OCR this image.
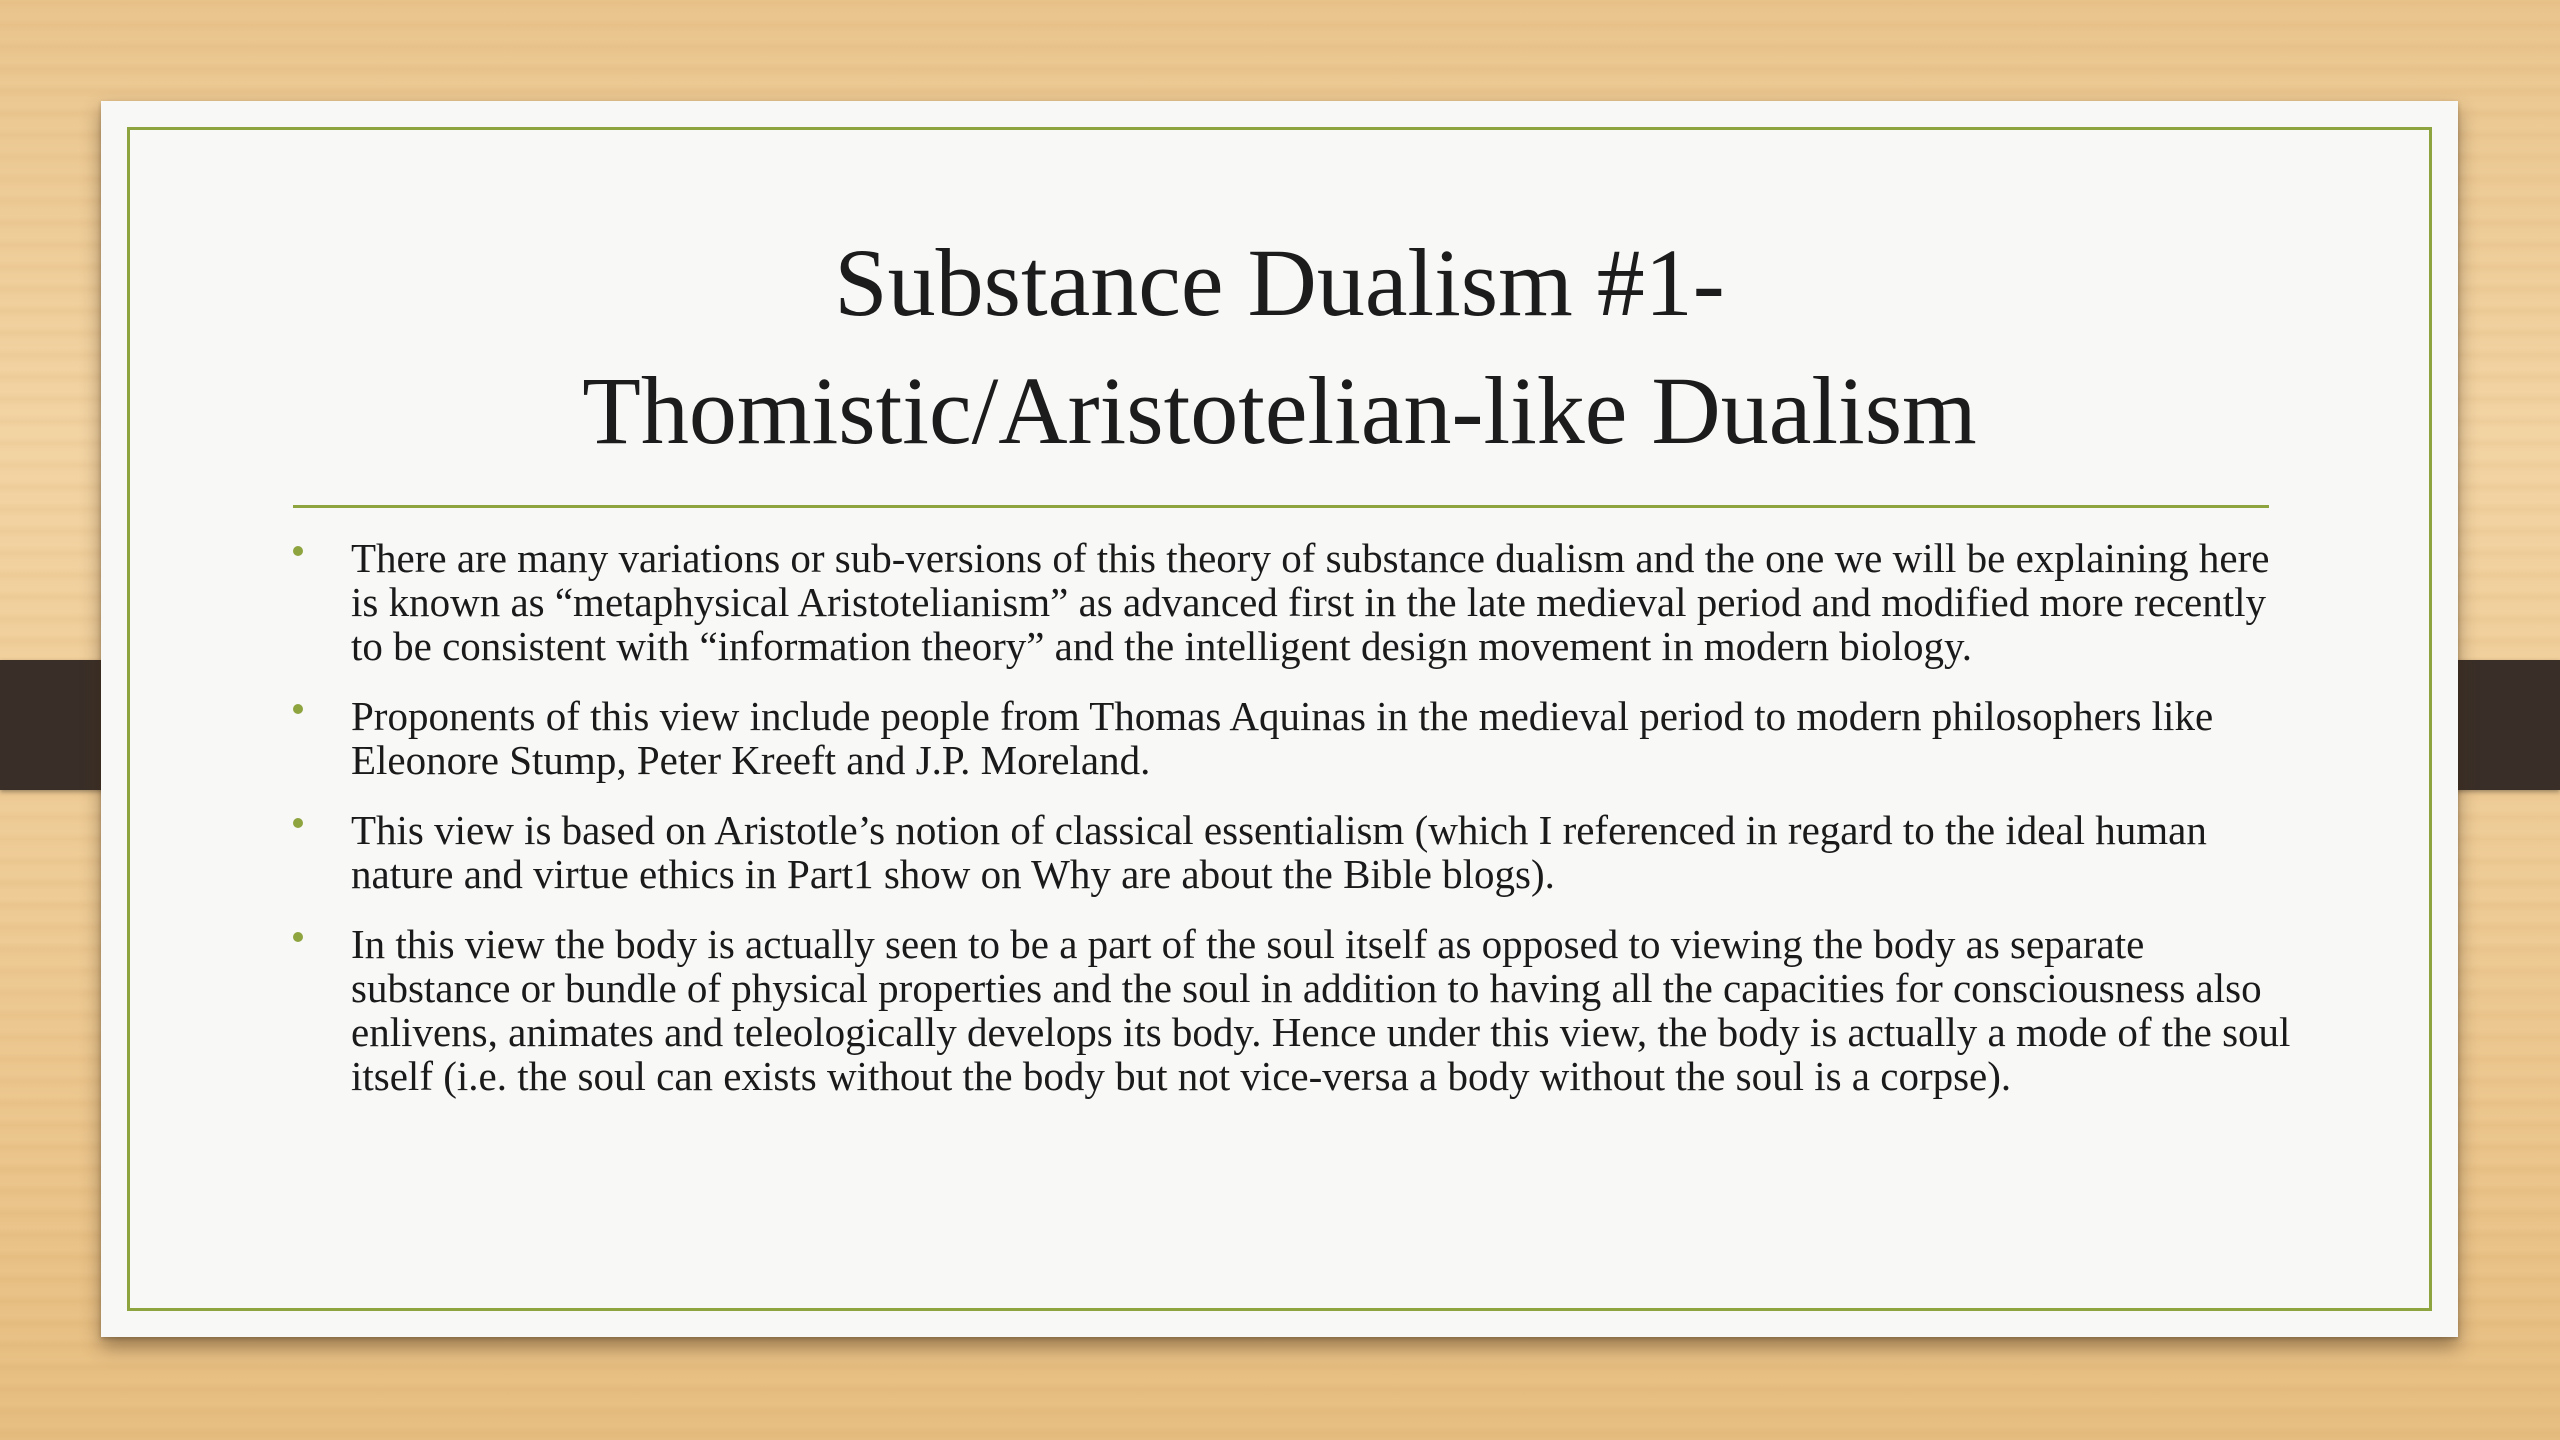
Substance Dualism #1-
Thomistic/Aristotelian-like Dualism
There are many variations or sub-versions of this theory of substance dualism and the one we will be explaining here is known as “metaphysical Aristotelianism” as advanced first in the late medieval period and modified more recently to be consistent with “information theory” and the intelligent design movement in modern biology.
Proponents of this view include people from Thomas Aquinas in the medieval period to modern philosophers like Eleonore Stump, Peter Kreeft and J.P. Moreland.
This view is based on Aristotle’s notion of classical essentialism (which I referenced in regard to the ideal human nature and virtue ethics in Part1 show on Why are about the Bible blogs).
In this view the body is actually seen to be a part of the soul itself as opposed to viewing the body as separate substance or bundle of physical properties and the soul in addition to having all the capacities for consciousness also enlivens, animates and teleologically develops its body. Hence under this view, the body is actually a mode of the soul itself (i.e. the soul can exists without the body but not vice-versa a body without the soul is a corpse).
